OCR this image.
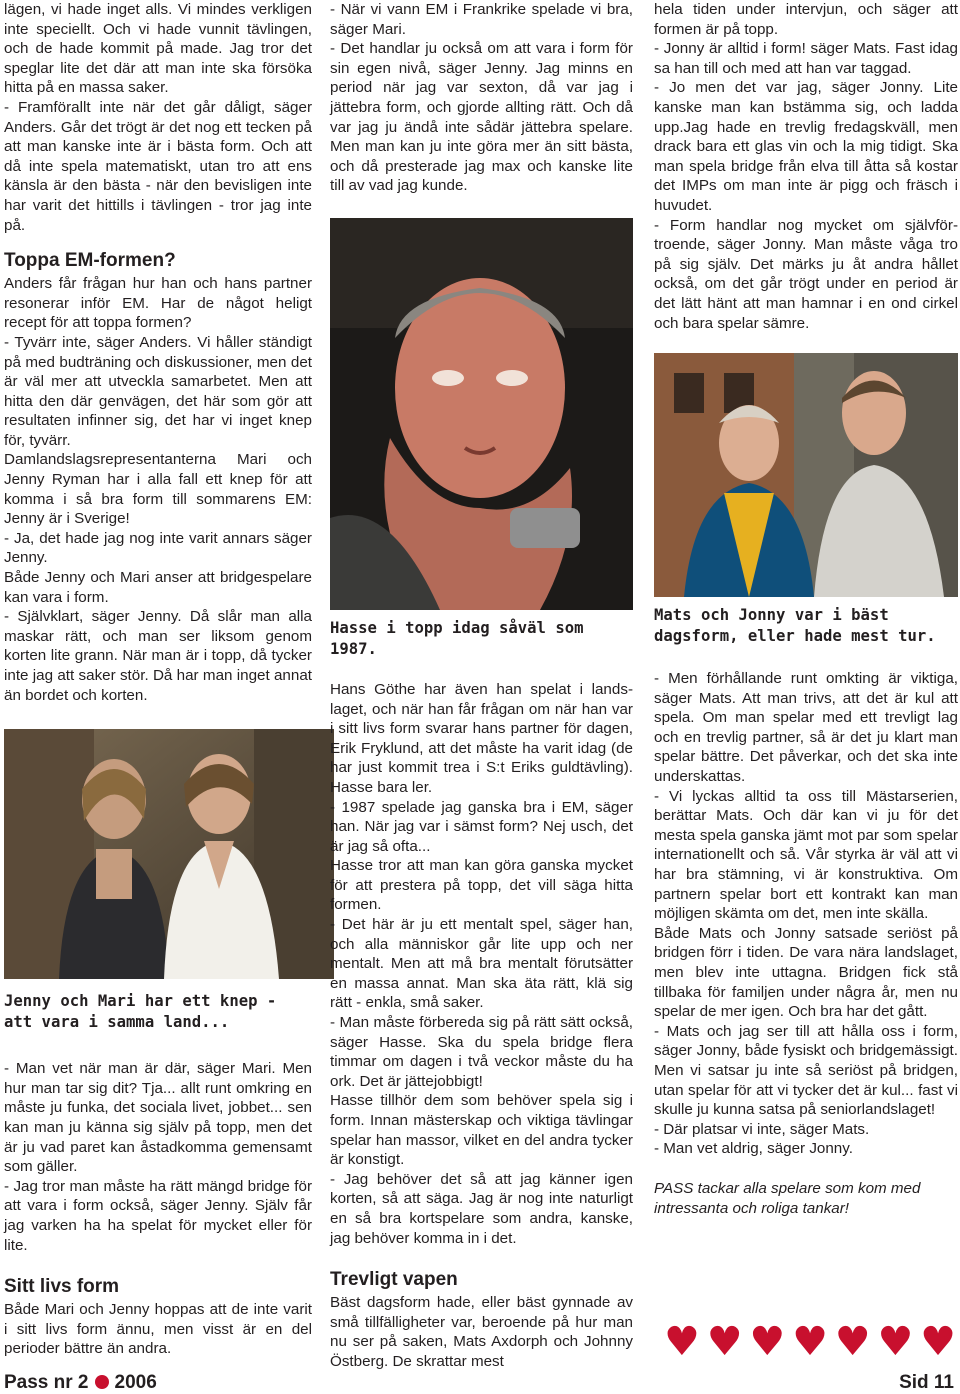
lägen, vi hade inget alls. Vi mindes verkligen inte speciellt. Och vi hade vunnit tävlingen, och de hade kommit på made. Jag tror det speglar lite det där att man inte ska försöka hitta på en massa saker.

- Framförallt inte när det går dåligt, säger Anders. Går det trögt är det nog ett tecken på att man kanske inte är i bästa form. Och att då inte spela matematiskt, utan tro att ens känsla är den bästa - när den bevisligen inte har varit det hittills i tävlingen - tror jag inte på.

Toppa EM-formen?

Anders får frågan hur han och hans partner resonerar inför EM. Har de något heligt recept för att toppa formen?

- Tyvärr inte, säger Anders. Vi håller ständigt på med budträning och diskussioner, men det är väl mer att utveckla samarbetet. Men att hitta den där genvägen, det här som gör att resultaten infinner sig, det har vi inget knep för, tyvärr.

Damlandslagsrepresentanterna Mari och Jenny Ryman har i alla fall ett knep för att komma i så bra form till sommarens EM: Jenny är i Sverige!

- Ja, det hade jag nog inte varit annars säger Jenny.

Både Jenny och Mari anser att bridgespelare kan vara i form.

- Självklart, säger Jenny. Då slår man alla maskar rätt, och man ser liksom genom korten lite grann. När man är i topp, då tycker inte jag att saker stör. Då har man inget annat än bordet och korten.

Jenny och Mari har ett knep - att vara i samma land...

- Man vet när man är där, säger Mari. Men hur man tar sig dit? Tja... allt runt omkring en måste ju funka, det sociala livet, jobbet... sen kan man ju känna sig själv på topp, men det är ju vad paret kan åstadkomma gemensamt som gäller.

- Jag tror man måste ha rätt mängd bridge för att vara i form också, säger Jenny. Själv får jag varken ha ha spelat för mycket eller för lite.

Sitt livs form

Både Mari och Jenny hoppas att de inte varit i sitt livs form ännu, men visst är en del perioder bättre än andra.

- När vi vann EM i Frankrike spelade vi bra, säger Mari.

- Det handlar ju också om att vara i form för sin egen nivå, säger Jenny. Jag minns en period när jag var sexton, då var jag i jättebra form, och gjorde allting rätt. Och då var jag ju ändå inte sådär jättebra spelare. Men man kan ju inte göra mer än sitt bästa, och då presterade jag max och kanske lite till av vad jag kunde.

Hasse i topp idag såväl som 1987.

Hans Göthe har även han spelat i landslaget, och när han får frågan om när han var i sitt livs form svarar hans partner för dagen, Erik Fryklund, att det måste ha varit idag (de har just kommit trea i S:t Eriks guldtävling). Hasse bara ler.

- 1987 spelade jag ganska bra i EM, säger han. När jag var i sämst form? Nej usch, det är jag så ofta...

Hasse tror att man kan göra ganska mycket för att prestera på topp, det vill säga hitta formen.

- Det här är ju ett mentalt spel, säger han, och alla människor går lite upp och ner mentalt. Men att må bra mentalt förutsätter en massa annat. Man ska äta rätt, klä sig rätt - enkla, små saker.

- Man måste förbereda sig på rätt sätt också, säger Hasse. Ska du spela bridge flera timmar om dagen i två veckor måste du ha ork. Det är jättejobbigt!

Hasse tillhör dem som behöver spela sig i form. Innan mästerskap och viktiga tävlingar spelar han massor, vilket en del andra tycker är konstigt.

- Jag behöver det så att jag känner igen korten, så att säga. Jag är nog inte naturligt en så bra kortspelare som andra, kanske, jag behöver komma in i det.

Trevligt vapen

Bäst dagsform hade, eller bäst gynnade av små tillfälligheter var, beroende på hur man nu ser på saken, Mats Axdorph och Johnny Östberg. De skrattar mest

hela tiden under intervjun, och säger att formen är på topp.

- Jonny är alltid i form! säger Mats. Fast idag sa han till och med att han var taggad.

- Jo men det var jag, säger Jonny. Lite kanske man kan bstämma sig, och ladda upp.Jag hade en trevlig fredagskväll, men drack bara ett glas vin och la mig tidigt. Ska man spela bridge från elva till åtta så kostar det IMPs om man inte är pigg och fräsch i huvudet.

- Form handlar nog mycket om självförtroende, säger Jonny. Man måste våga tro på sig själv. Det märks ju åt andra hållet också, om det går trögt under en period är det lätt hänt att man hamnar i en ond cirkel och bara spelar sämre.

Mats och Jonny var i bäst dagsform, eller hade mest tur.

- Men förhållande runt omkting är viktiga, säger Mats. Att man trivs, att det är kul att spela. Om man spelar med ett trevligt lag och en trevlig partner, så är det ju klart man spelar bättre. Det påverkar, och det ska inte underskattas.

- Vi lyckas alltid ta oss till Mästarserien, berättar Mats. Och där kan vi ju för det mesta spela ganska jämt mot par som spelar internationellt och så. Vår styrka är väl att vi har bra stämning, vi är konstruktiva. Om partnern spelar bort ett kontrakt kan man möjligen skämta om det, men inte skälla.

Både Mats och Jonny satsade seriöst på bridgen förr i tiden. De vara nära landslaget, men blev inte uttagna. Bridgen fick stå tillbaka för familjen under några år, men nu spelar de mer igen. Och bra har det gått.

- Mats och jag ser till att hålla oss i form, säger Jonny, både fysiskt och bridgemässigt. Men vi satsar ju inte så seriöst på bridgen, utan spelar för att vi tycker det är kul... fast vi skulle ju kunna satsa på seniorlandslaget!

- Där platsar vi inte, säger Mats.

- Man vet aldrig, säger Jonny.

PASS tackar alla spelare som kom med intressanta och roliga tankar!
♥ ♥ ♥ ♥ ♥ ♥ ♥
Pass nr 2 2006	Sid 11
